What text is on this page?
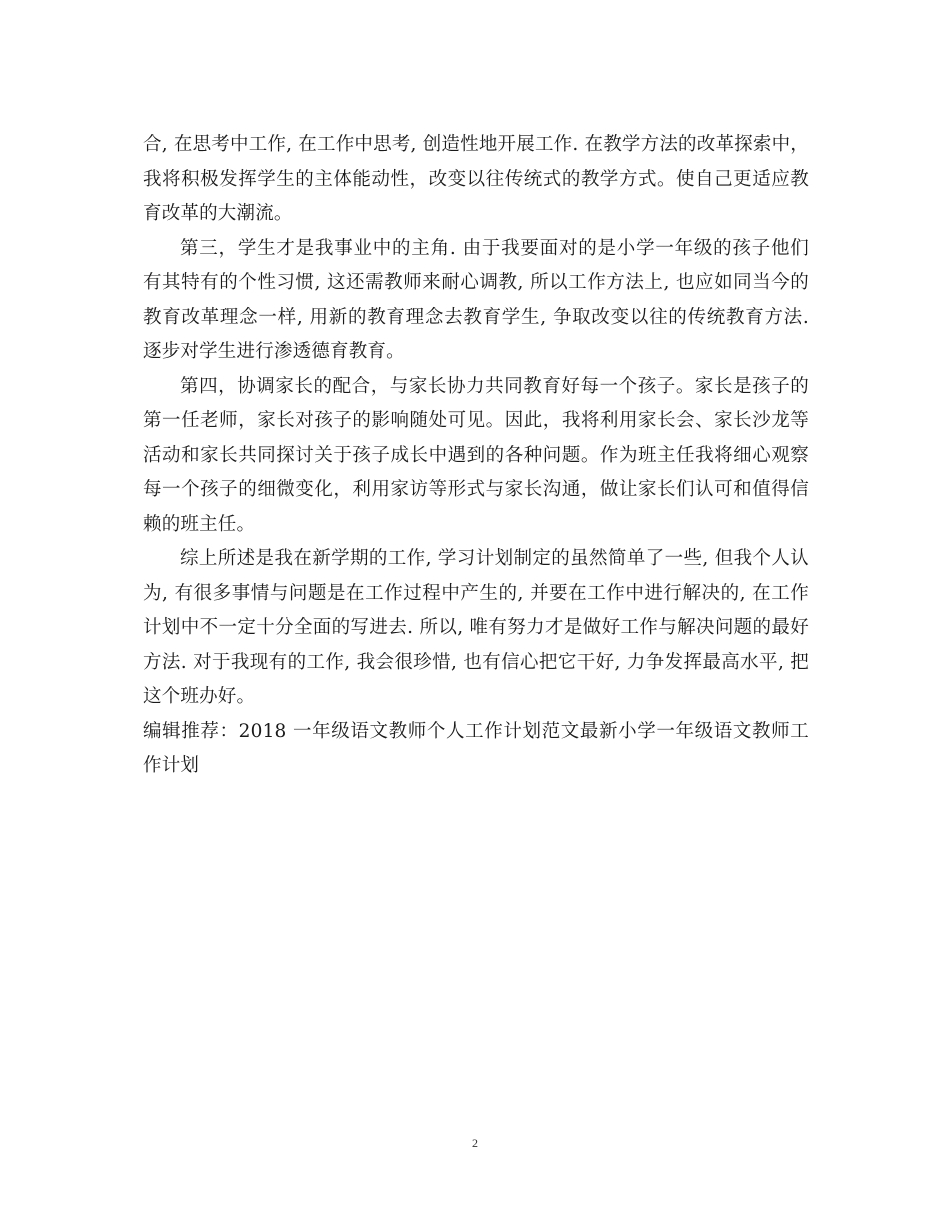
合, 在思考中工作, 在工作中思考, 创造性地开展工作. 在教学方法的改革探索中，我将积极发挥学生的主体能动性，改变以往传统式的教学方式。使自己更适应教育改革的大潮流。

第三，学生才是我事业中的主角. 由于我要面对的是小学一年级的孩子他们有其特有的个性习惯, 这还需教师来耐心调教, 所以工作方法上, 也应如同当今的教育改革理念一样, 用新的教育理念去教育学生, 争取改变以往的传统教育方法. 逐步对学生进行渗透德育教育。

第四，协调家长的配合，与家长协力共同教育好每一个孩子。家长是孩子的第一任老师，家长对孩子的影响随处可见。因此，我将利用家长会、家长沙龙等活动和家长共同探讨关于孩子成长中遇到的各种问题。作为班主任我将细心观察每一个孩子的细微变化，利用家访等形式与家长沟通，做让家长们认可和值得信赖的班主任。

综上所述是我在新学期的工作, 学习计划制定的虽然简单了一些, 但我个人认为, 有很多事情与问题是在工作过程中产生的, 并要在工作中进行解决的, 在工作计划中不一定十分全面的写进去. 所以, 唯有努力才是做好工作与解决问题的最好方法. 对于我现有的工作, 我会很珍惜, 也有信心把它干好, 力争发挥最高水平, 把这个班办好。

编辑推荐：2018 一年级语文教师个人工作计划范文最新小学一年级语文教师工作计划

2
